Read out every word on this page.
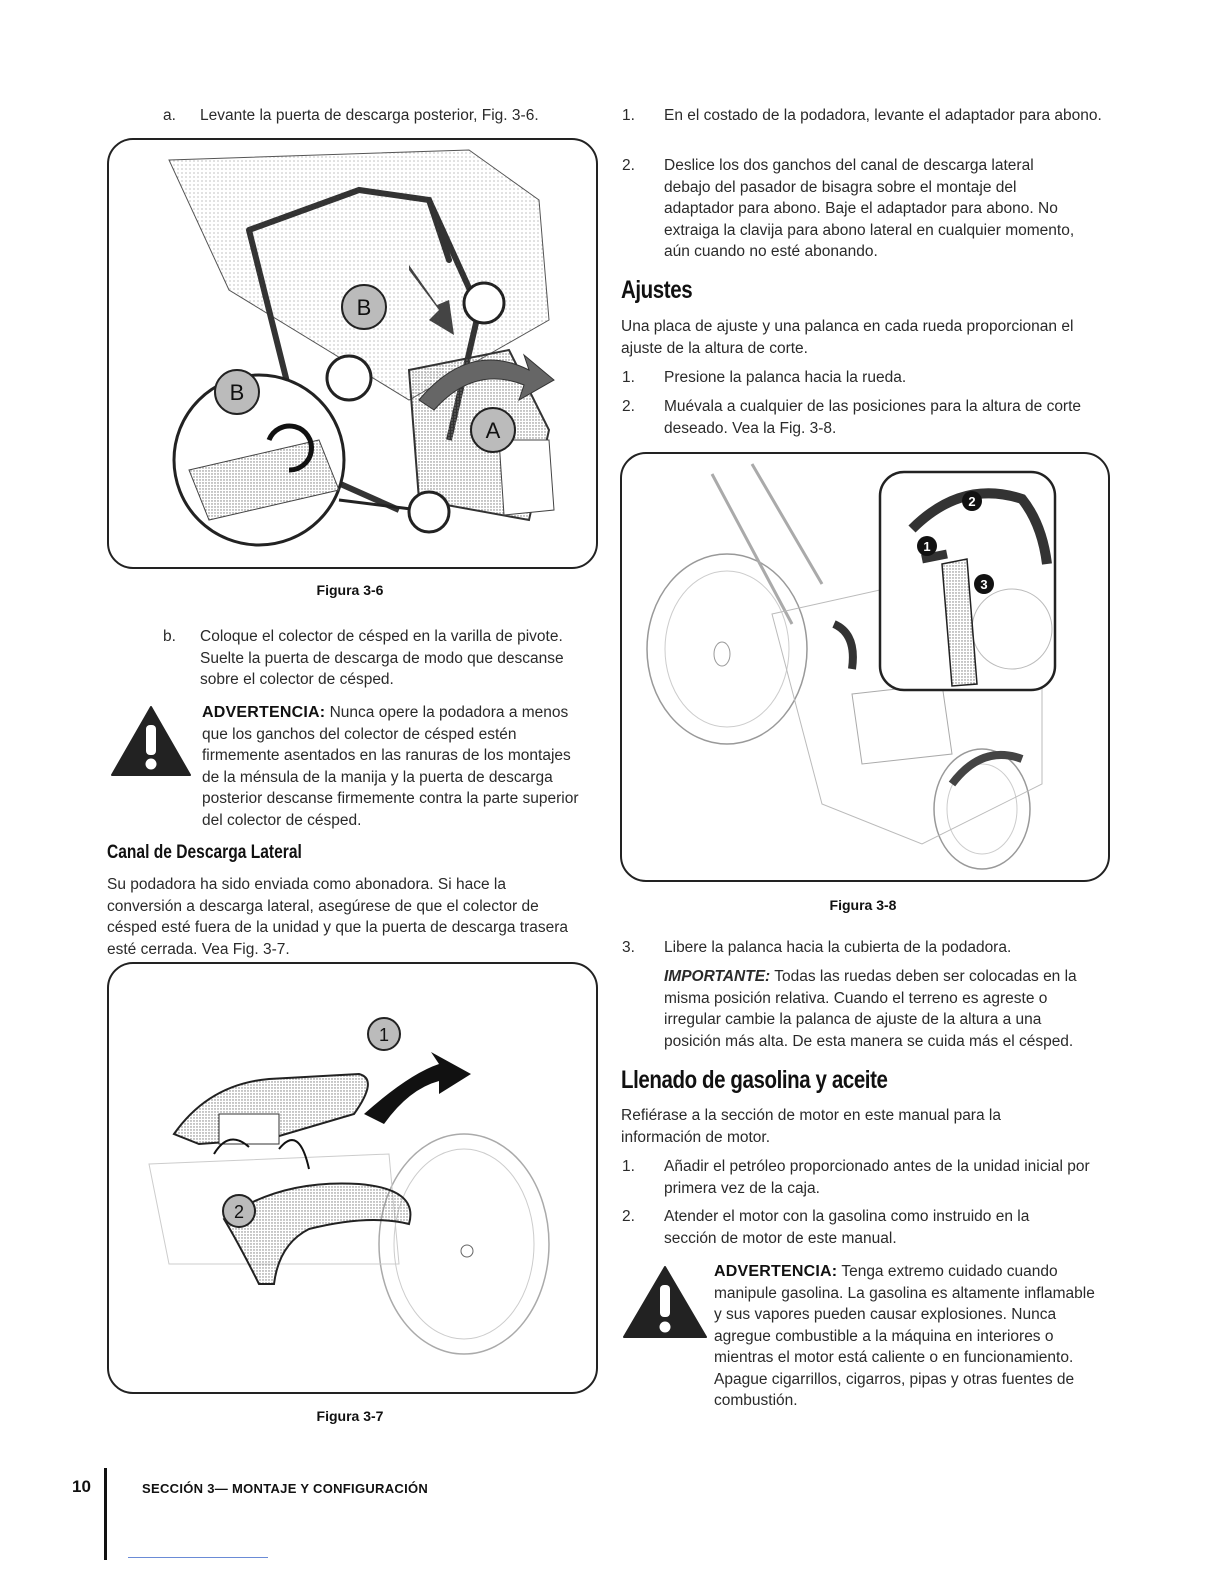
a. Levante la puerta de descarga posterior, Fig. 3-6.
B
B
A
Figura 3-6
b. Coloque el colector de césped en la varilla de pivote. Suelte la puerta de descarga de modo que descanse sobre el colector de césped.
ADVERTENCIA: Nunca opere la podadora a menos que los ganchos del colector de césped estén firmemente asentados en las ranuras de los montajes de la ménsula de la manija y la puerta de descarga posterior descanse firmemente contra la parte superior del colector de césped.
Canal de Descarga Lateral
Su podadora ha sido enviada como abonadora. Si hace la conversión a descarga lateral, asegúrese de que el colector de césped esté fuera de la unidad y que la puerta de descarga trasera esté cerrada. Vea Fig. 3-7.
1
2
Figura 3-7
1. En el costado de la podadora, levante el adaptador para abono.
2. Deslice los dos ganchos del canal de descarga lateral debajo del pasador de bisagra sobre el montaje del adaptador para abono. Baje el adaptador para abono. No extraiga la clavija para abono lateral en cualquier momento, aún cuando no esté abonando.
Ajustes
Una placa de ajuste y una palanca en cada rueda proporcionan el ajuste de la altura de corte.
1. Presione la palanca hacia la rueda.
2. Muévala a cualquier de las posiciones para la altura de corte deseado. Vea la Fig. 3-8.
1
2
3
Figura 3-8
3. Libere la palanca hacia la cubierta de la podadora.
IMPORTANTE: Todas las ruedas deben ser colocadas en la misma posición relativa. Cuando el terreno es agreste o irregular cambie la palanca de ajuste de la altura a una posición más alta. De esta manera se cuida más el césped.
Llenado de gasolina y aceite
Refiérase a la sección de motor en este manual para la información de motor.
1. Añadir el petróleo proporcionado antes de la unidad inicial por primera vez de la caja.
2. Atender el motor con la gasolina como instruido en la sección de motor de este manual.
ADVERTENCIA: Tenga extremo cuidado cuando manipule gasolina. La gasolina es altamente inflamable y sus vapores pueden causar explosiones. Nunca agregue combustible a la máquina en interiores o mientras el motor está caliente o en funcionamiento. Apague cigarrillos, cigarros, pipas y otras fuentes de combustión.
10	SECCIÓN 3— MONTAJE Y CONFIGURACIÓN
